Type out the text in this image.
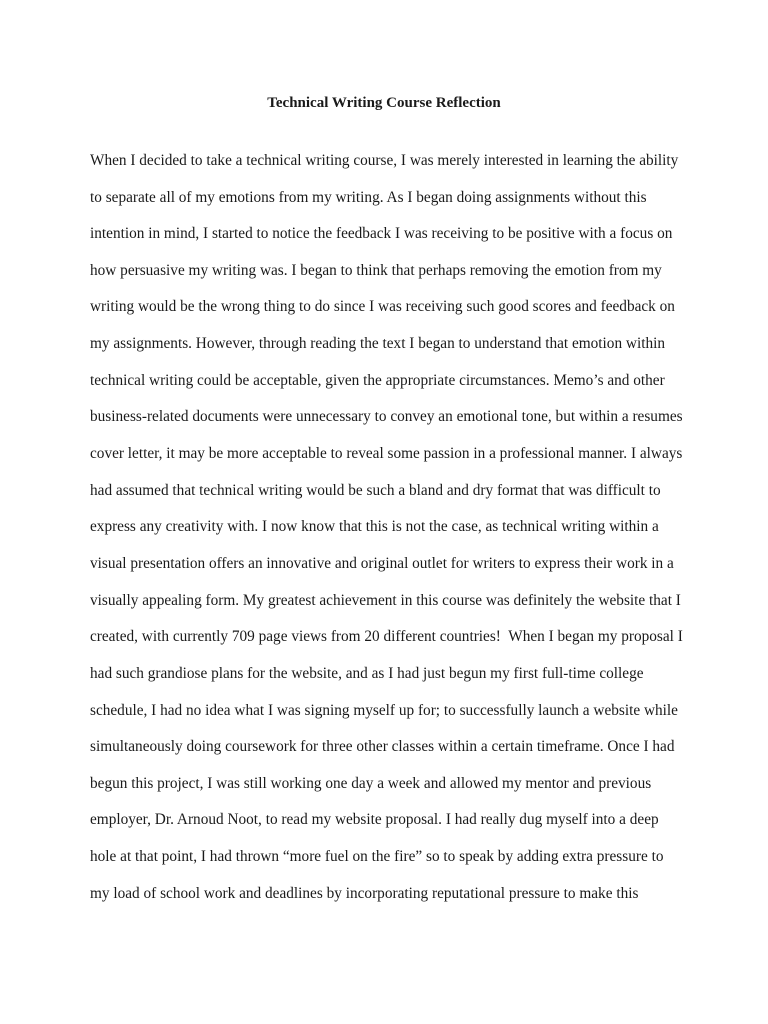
Technical Writing Course Reflection
When I decided to take a technical writing course, I was merely interested in learning the ability
to separate all of my emotions from my writing. As I began doing assignments without this
intention in mind, I started to notice the feedback I was receiving to be positive with a focus on
how persuasive my writing was. I began to think that perhaps removing the emotion from my
writing would be the wrong thing to do since I was receiving such good scores and feedback on
my assignments. However, through reading the text I began to understand that emotion within
technical writing could be acceptable, given the appropriate circumstances. Memo’s and other
business-related documents were unnecessary to convey an emotional tone, but within a resumes
cover letter, it may be more acceptable to reveal some passion in a professional manner. I always
had assumed that technical writing would be such a bland and dry format that was difficult to
express any creativity with. I now know that this is not the case, as technical writing within a
visual presentation offers an innovative and original outlet for writers to express their work in a
visually appealing form. My greatest achievement in this course was definitely the website that I
created, with currently 709 page views from 20 different countries!  When I began my proposal I
had such grandiose plans for the website, and as I had just begun my first full-time college
schedule, I had no idea what I was signing myself up for; to successfully launch a website while
simultaneously doing coursework for three other classes within a certain timeframe. Once I had
begun this project, I was still working one day a week and allowed my mentor and previous
employer, Dr. Arnoud Noot, to read my website proposal. I had really dug myself into a deep
hole at that point, I had thrown “more fuel on the fire” so to speak by adding extra pressure to
my load of school work and deadlines by incorporating reputational pressure to make this
